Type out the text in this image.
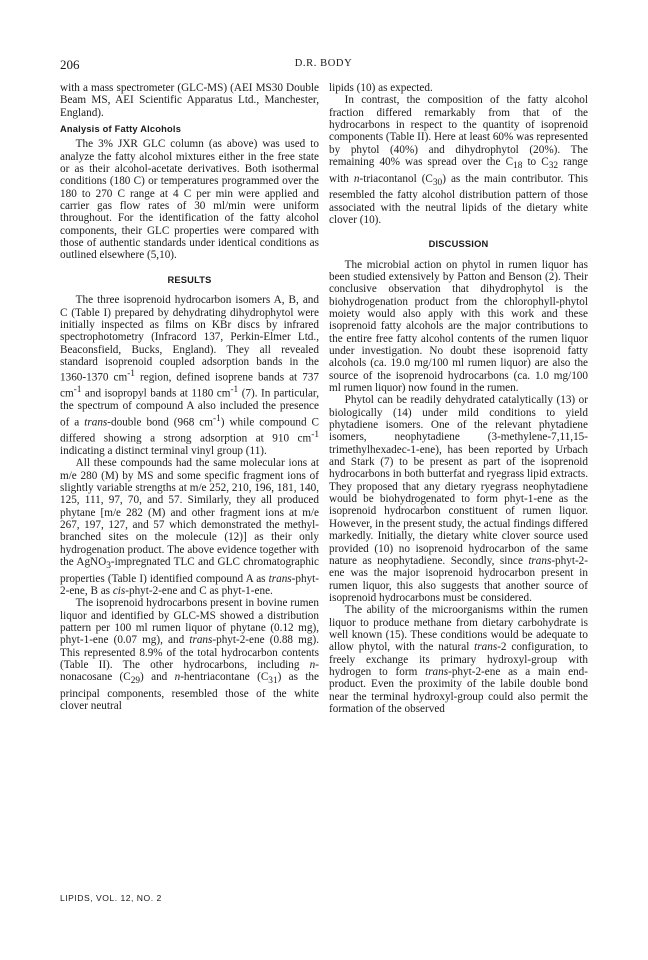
206	D.R. BODY

with a mass spectrometer (GLC-MS) (AEI MS30 Double Beam MS, AEI Scientific Apparatus Ltd., Manchester, England).

Analysis of Fatty Alcohols

The 3% JXR GLC column (as above) was used to analyze the fatty alcohol mixtures either in the free state or as their alcohol-acetate derivatives. Both isothermal conditions (180 C) or temperatures programmed over the 180 to 270 C range at 4 C per min were applied and carrier gas flow rates of 30 ml/min were uniform throughout. For the identification of the fatty alcohol components, their GLC properties were compared with those of authentic standards under identical conditions as outlined elsewhere (5,10).

RESULTS

The three isoprenoid hydrocarbon isomers A, B, and C (Table I) prepared by dehydrating dihydrophytol were initially inspected as films on KBr discs by infrared spectrophotometry (Infracord 137, Perkin-Elmer Ltd., Beaconsfield, Bucks, England). They all revealed standard isoprenoid coupled adsorption bands in the 1360-1370 $cm^{-1}$ region, defined isoprene bands at 737 $cm^{-1}$ and isopropyl bands at 1180 $cm^{-1}$ (7). In particular, the spectrum of compound A also included the presence of a trans-double bond (968 $cm^{-1}$) while compound C differed showing a strong adsorption at 910 $cm^{-1}$ indicating a distinct terminal vinyl group (11).

All these compounds had the same molecular ions at m/e 280 (M) by MS and some specific fragment ions of slightly variable strengths at m/e 252, 210, 196, 181, 140, 125, 111, 97, 70, and 57. Similarly, they all produced phytane [m/e 282 (M) and other fragment ions at m/e 267, 197, 127, and 57 which demonstrated the methyl-branched sites on the molecule (12)] as their only hydrogenation product. The above evidence together with the AgNO$_3$-impregnated TLC and GLC chromatographic properties (Table I) identified compound A as trans-phyt-2-ene, B as cis-phyt-2-ene and C as phyt-1-ene.

The isoprenoid hydrocarbons present in bovine rumen liquor and identified by GLC-MS showed a distribution pattern per 100 ml rumen liquor of phytane (0.12 mg), phyt-1-ene (0.07 mg), and trans-phyt-2-ene (0.88 mg). This represented 8.9% of the total hydrocarbon contents (Table II). The other hydrocarbons, including n-nonacosane $(C_{29})$ and n-hentriacontane $(C_{31})$ as the principal components, resembled those of the white clover neutral

lipids (10) as expected.

In contrast, the composition of the fatty alcohol fraction differed remarkably from that of the hydrocarbons in respect to the quantity of isoprenoid components (Table II). Here at least 60% was represented by phytol (40%) and dihydrophytol (20%). The remaining 40% was spread over the $C_{18}$ to $C_{32}$ range with n-triacontanol $(C_{30})$ as the main contributor. This resembled the fatty alcohol distribution pattern of those associated with the neutral lipids of the dietary white clover (10).

DISCUSSION

The microbial action on phytol in rumen liquor has been studied extensively by Patton and Benson (2). Their conclusive observation that dihydrophytol is the biohydrogenation product from the chlorophyll-phytol moiety would also apply with this work and these isoprenoid fatty alcohols are the major contributions to the entire free fatty alcohol contents of the rumen liquor under investigation. No doubt these isoprenoid fatty alcohols (ca. 19.0 mg/100 ml rumen liquor) are also the source of the isoprenoid hydrocarbons (ca. 1.0 mg/100 ml rumen liquor) now found in the rumen.

Phytol can be readily dehydrated catalytically (13) or biologically (14) under mild conditions to yield phytadiene isomers. One of the relevant phytadiene isomers, neophytadiene (3-methylene-7,11,15-trimethylhexadec-1-ene), has been reported by Urbach and Stark (7) to be present as part of the isoprenoid hydrocarbons in both butterfat and ryegrass lipid extracts. They proposed that any dietary ryegrass neophytadiene would be biohydrogenated to form phyt-1-ene as the isoprenoid hydrocarbon constituent of rumen liquor. However, in the present study, the actual findings differed markedly. Initially, the dietary white clover source used provided (10) no isoprenoid hydrocarbon of the same nature as neophytadiene. Secondly, since trans-phyt-2-ene was the major isoprenoid hydrocarbon present in rumen liquor, this also suggests that another source of isoprenoid hydrocarbons must be considered.

The ability of the microorganisms within the rumen liquor to produce methane from dietary carbohydrate is well known (15). These conditions would be adequate to allow phytol, with the natural trans-2 configuration, to freely exchange its primary hydroxyl-group with hydrogen to form trans-phyt-2-ene as a main end-product. Even the proximity of the labile double bond near the terminal hydroxyl-group could also permit the formation of the observed

LIPIDS, VOL. 12, NO. 2
